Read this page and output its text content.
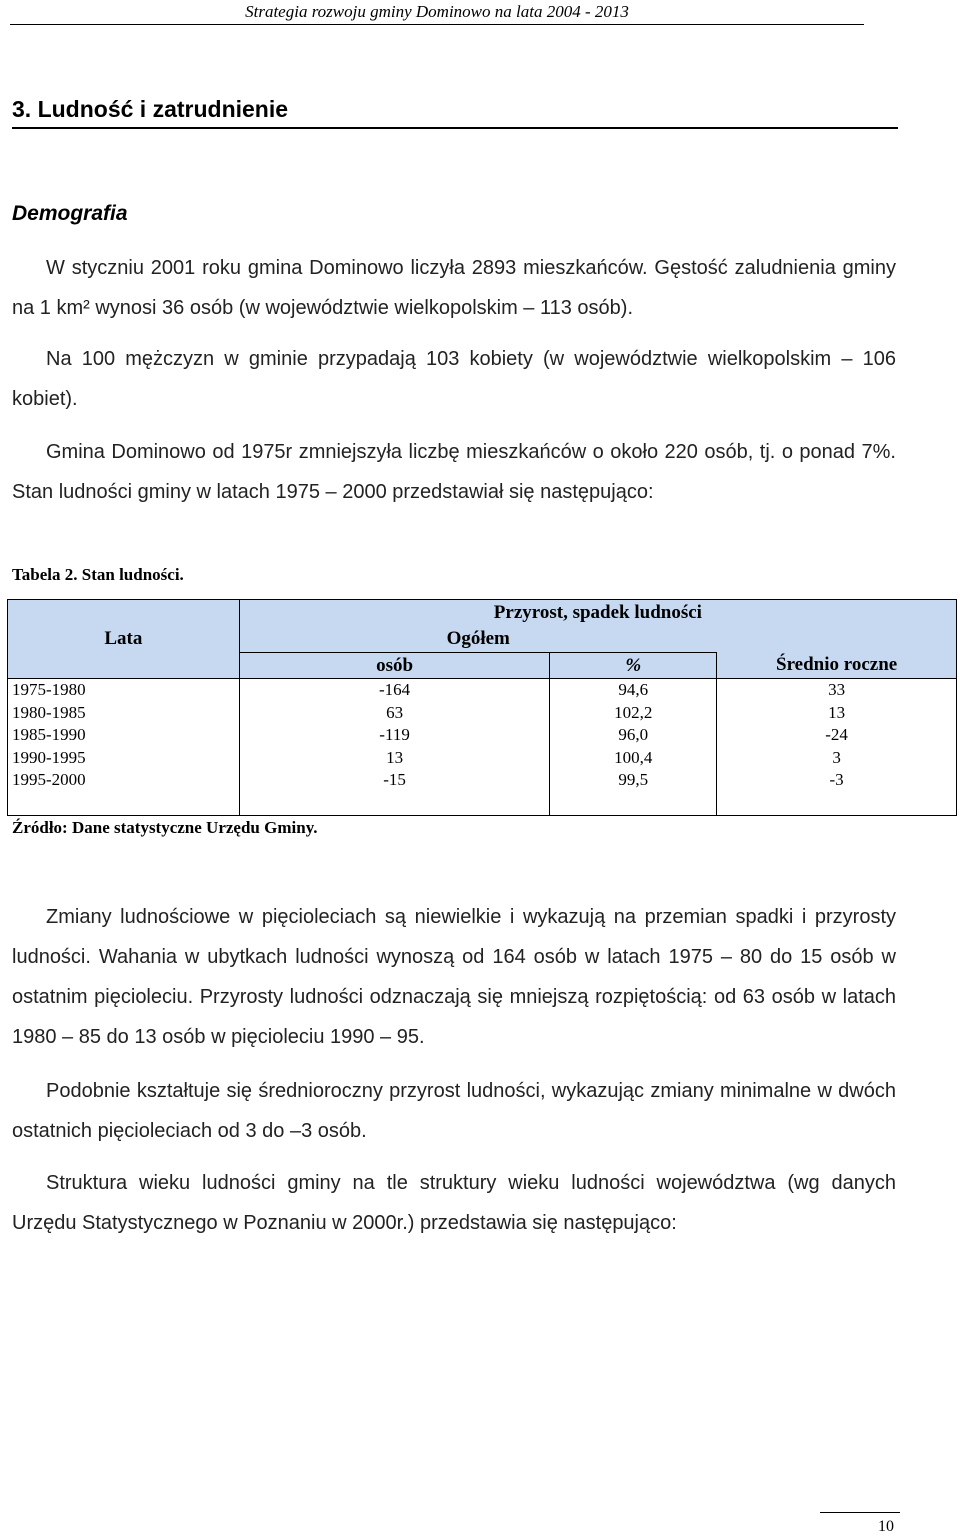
Strategia rozwoju gminy Dominowo na lata 2004 - 2013
3. Ludność i zatrudnienie
Demografia

W styczniu 2001 roku gmina Dominowo liczyła 2893 mieszkańców. Gęstość zaludnienia gminy na 1 km² wynosi 36 osób (w województwie wielkopolskim – 113 osób).

Na 100 mężczyzn w gminie przypadają 103 kobiety (w województwie wielkopolskim – 106 kobiet).

Gmina Dominowo od 1975r zmniejszyła liczbę mieszkańców o około 220 osób, tj. o ponad 7%. Stan ludności gminy w latach 1975 – 2000 przedstawiał się następująco:

Tabela 2. Stan ludności.
Lata	Przyrost, spadek ludności		
	Ogółem		
	osób	%	Średnio roczne
1975-1980	-164	94,6	33
1980-1985	63	102,2	13
1985-1990	-119	96,0	-24
1990-1995	13	100,4	3
1995-2000	-15	99,5	-3

Źródło: Dane statystyczne Urzędu Gminy.

Zmiany ludnościowe w pięcioleciach są niewielkie i wykazują na przemian spadki i przyrosty ludności. Wahania w ubytkach ludności wynoszą od 164 osób w latach 1975 – 80 do 15 osób w ostatnim pięcioleciu. Przyrosty ludności odznaczają się mniejszą rozpiętością: od 63 osób w latach 1980 – 85 do 13 osób w pięcioleciu 1990 – 95.

Podobnie kształtuje się średnioroczny przyrost ludności, wykazując zmiany minimalne w dwóch ostatnich pięcioleciach od 3 do –3 osób.

Struktura wieku ludności gminy na tle struktury wieku ludności województwa (wg danych Urzędu Statystycznego w Poznaniu w 2000r.) przedstawia się następująco:

10
